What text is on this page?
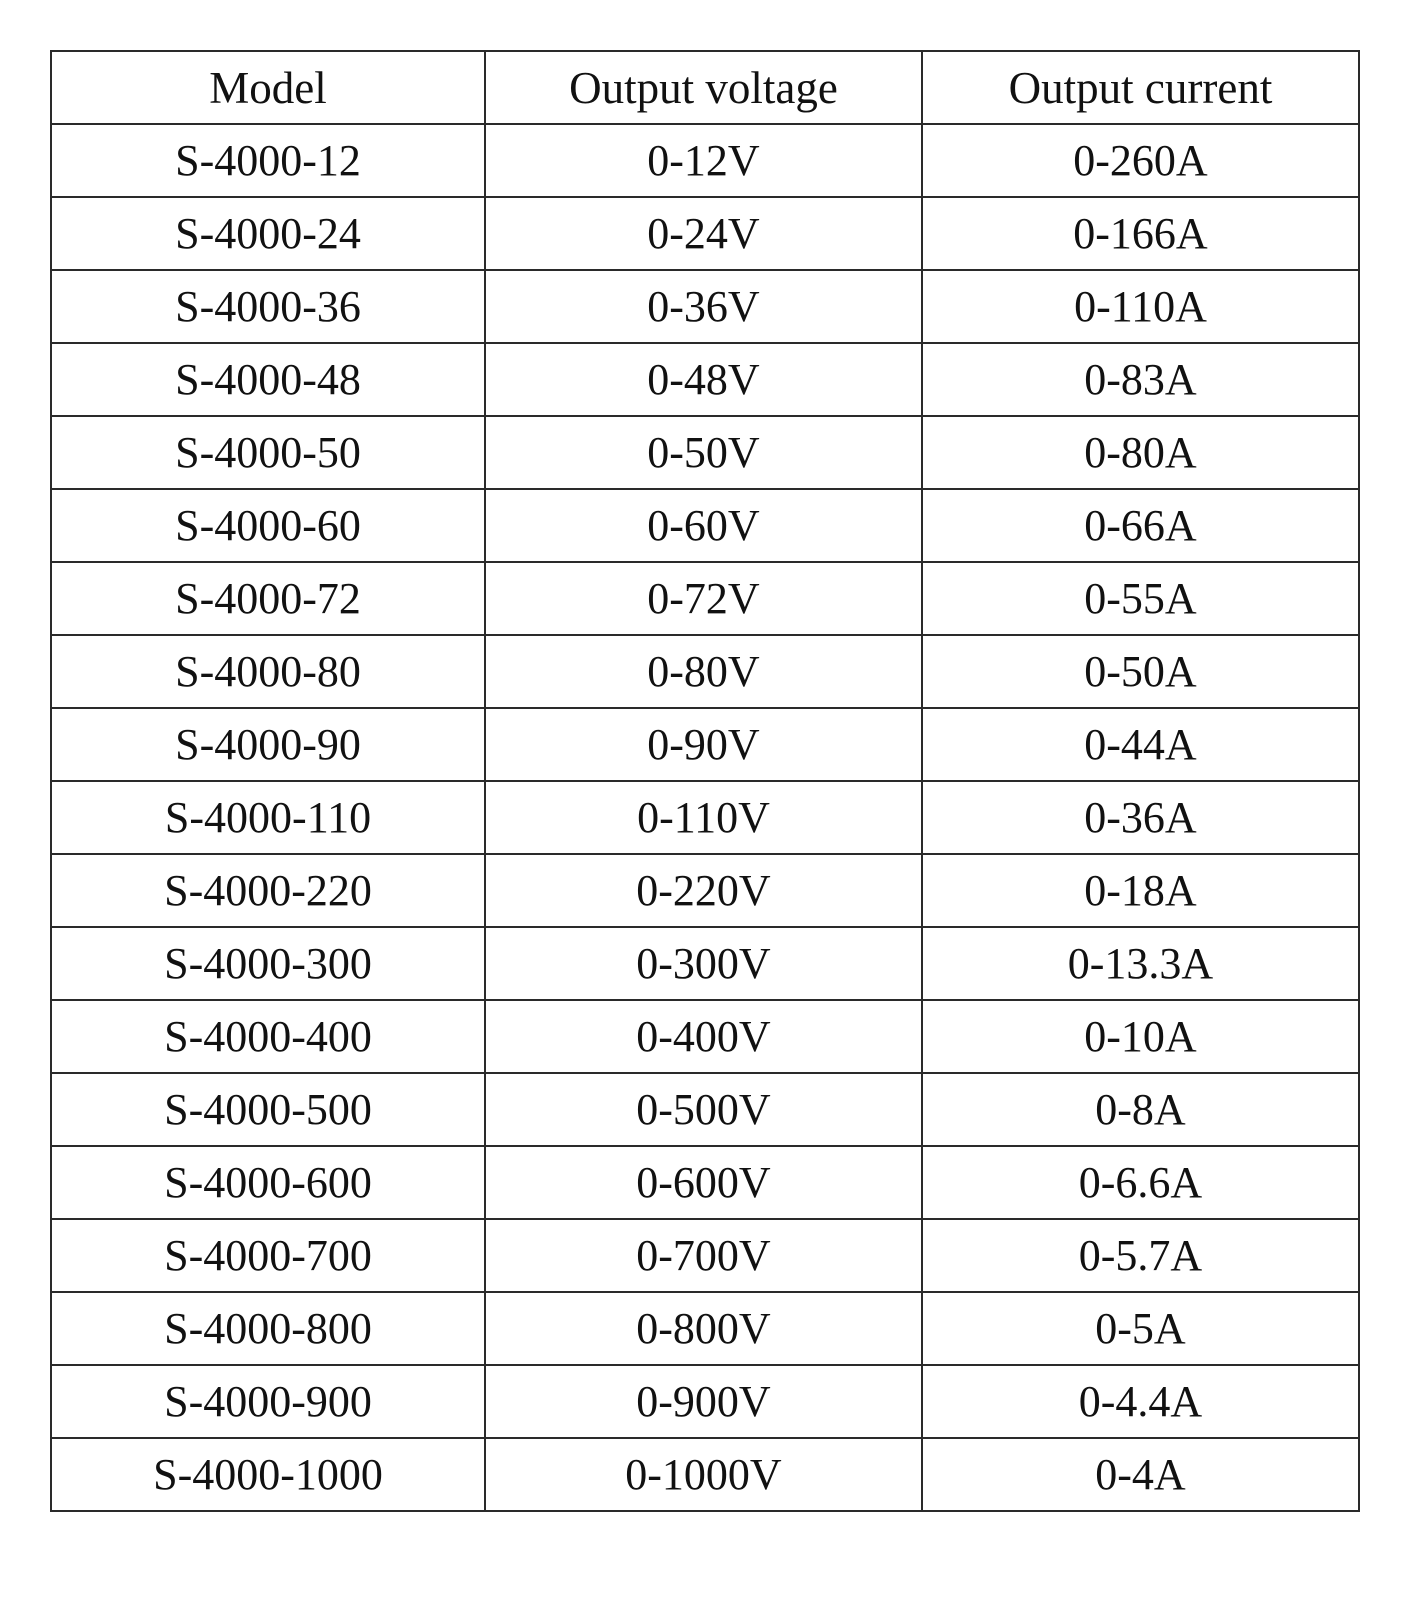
Model	Output voltage	Output current
S-4000-12	0-12V	0-260A
S-4000-24	0-24V	0-166A
S-4000-36	0-36V	0-110A
S-4000-48	0-48V	0-83A
S-4000-50	0-50V	0-80A
S-4000-60	0-60V	0-66A
S-4000-72	0-72V	0-55A
S-4000-80	0-80V	0-50A
S-4000-90	0-90V	0-44A
S-4000-110	0-110V	0-36A
S-4000-220	0-220V	0-18A
S-4000-300	0-300V	0-13.3A
S-4000-400	0-400V	0-10A
S-4000-500	0-500V	0-8A
S-4000-600	0-600V	0-6.6A
S-4000-700	0-700V	0-5.7A
S-4000-800	0-800V	0-5A
S-4000-900	0-900V	0-4.4A
S-4000-1000	0-1000V	0-4A
